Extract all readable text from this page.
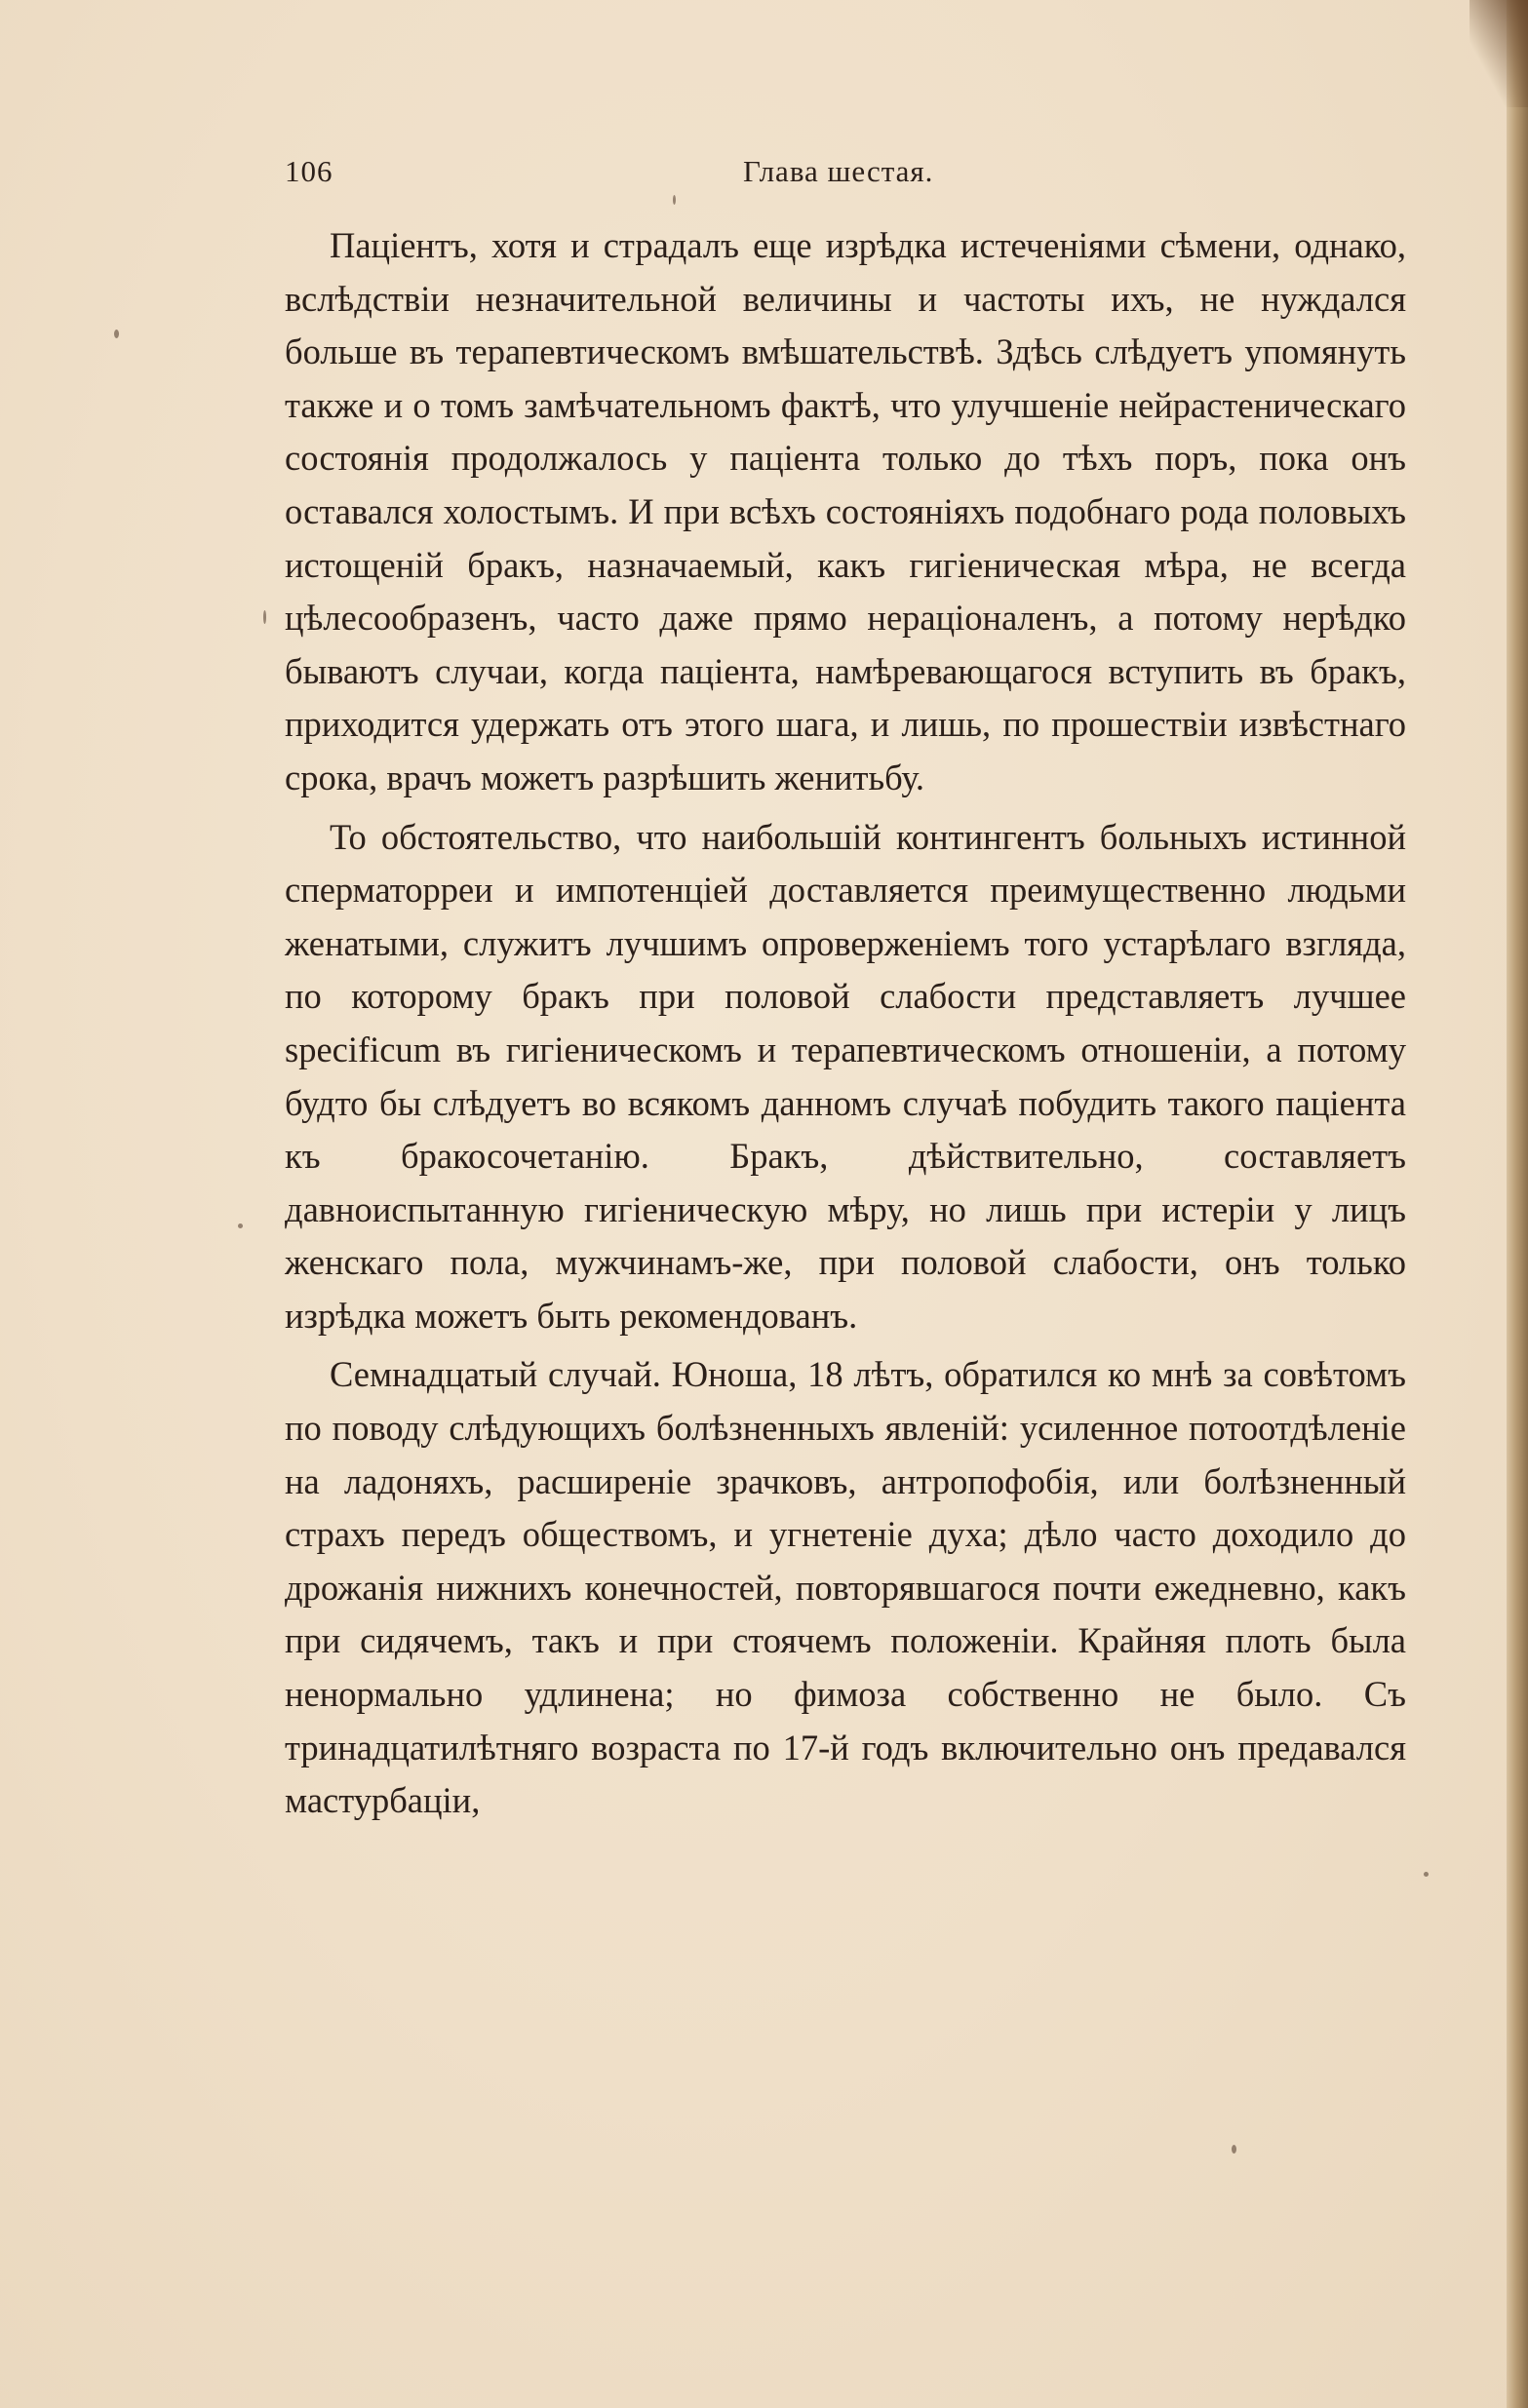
106	Глава шестая.

Паціентъ, хотя и страдалъ еще изрѣдка истеченіями сѣмени, однако, вслѣдствіи незначительной величины и частоты ихъ, не нуждался больше въ терапевтическомъ вмѣшательствѣ. Здѣсь слѣдуетъ упомянуть также и о томъ замѣчательномъ фактѣ, что улучшеніе нейрастеническаго состоянія продолжалось у паціента только до тѣхъ поръ, пока онъ оставался холостымъ. И при всѣхъ состояніяхъ подобнаго рода половыхъ истощеній бракъ, назначаемый, какъ гигіеническая мѣра, не всегда цѣлесообразенъ, часто даже прямо нераціоналенъ, а потому нерѣдко бываютъ случаи, когда паціента, намѣревающагося вступить въ бракъ, приходится удержать отъ этого шага, и лишь, по прошествіи извѣстнаго срока, врачъ можетъ разрѣшить женитьбу.

То обстоятельство, что наибольшій контингентъ больныхъ истинной сперматорреи и импотенціей доставляется преимущественно людьми женатыми, служитъ лучшимъ опроверженіемъ того устарѣлаго взгляда, по которому бракъ при половой слабости представляетъ лучшее specificum въ гигіеническомъ и терапевтическомъ отношеніи, а потому будто бы слѣдуетъ во всякомъ данномъ случаѣ побудить такого паціента къ бракосочетанію. Бракъ, дѣйствительно, составляетъ давноиспытанную гигіеническую мѣру, но лишь при истеріи у лицъ женскаго пола, мужчинамъ-же, при половой слабости, онъ только изрѣдка можетъ быть рекомендованъ.

Семнадцатый случай. Юноша, 18 лѣтъ, обратился ко мнѣ за совѣтомъ по поводу слѣдующихъ болѣзненныхъ явленій: усиленное потоотдѣленіе на ладоняхъ, расширеніе зрачковъ, антропофобія, или болѣзненный страхъ передъ обществомъ, и угнетеніе духа; дѣло часто доходило до дрожанія нижнихъ конечностей, повторявшагося почти ежедневно, какъ при сидячемъ, такъ и при стоячемъ положеніи. Крайняя плоть была ненормально удлинена; но фимоза собственно не было. Съ тринадцатилѣтняго возраста по 17-й годъ включительно онъ предавался мастурбаціи,
